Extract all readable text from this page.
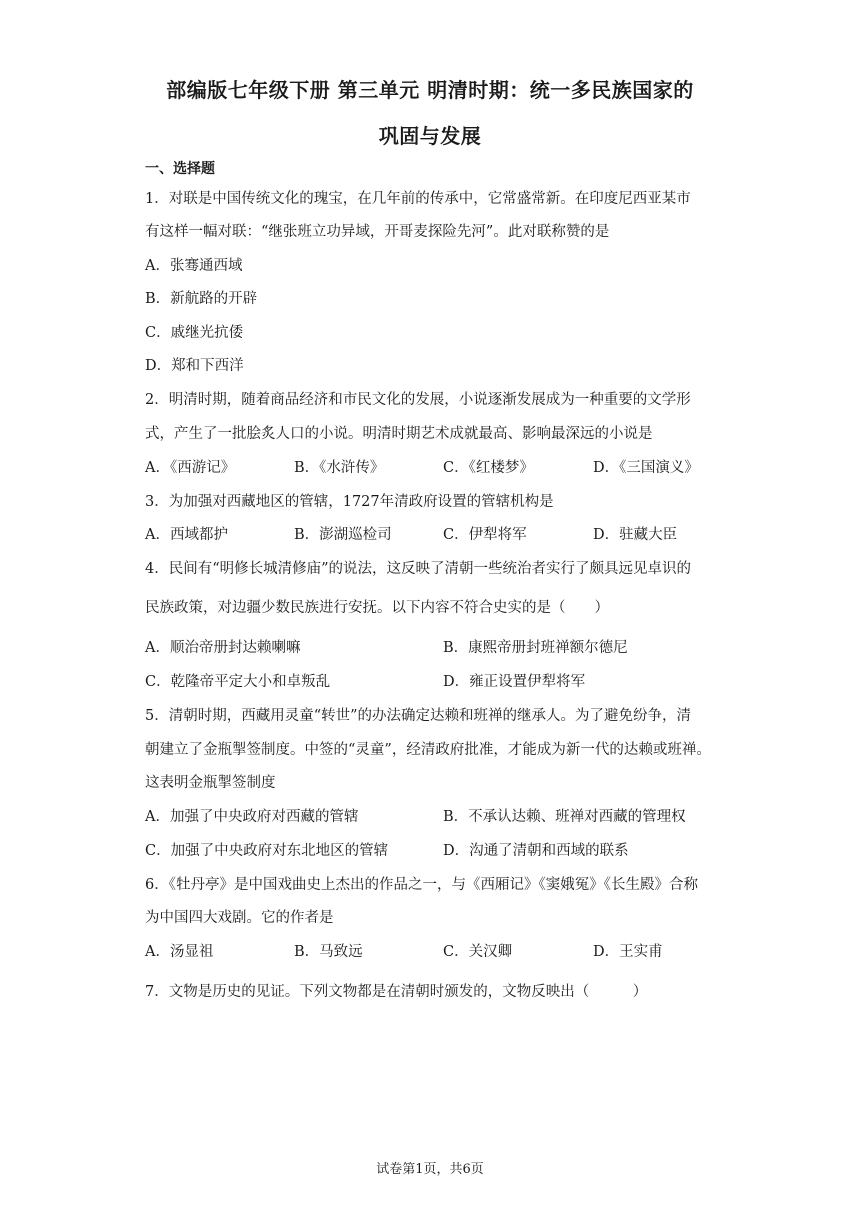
部编版七年级下册 第三单元 明清时期：统一多民族国家的
巩固与发展
一、选择题
1．对联是中国传统文化的瑰宝，在几年前的传承中，它常盛常新。在印度尼西亚某市
有这样一幅对联：“继张班立功异域，开哥麦探险先河”。此对联称赞的是
A．张骞通西域
B．新航路的开辟
C．戚继光抗倭
D．郑和下西洋
2．明清时期，随着商品经济和市民文化的发展，小说逐渐发展成为一种重要的文学形
式，产生了一批脍炙人口的小说。明清时期艺术成就最高、影响最深远的小说是
A．《西游记》	B．《水浒传》	C．《红楼梦》	D．《三国演义》
3．为加强对西藏地区的管辖，1727年清政府设置的管辖机构是
A．西域都护	B．澎湖巡检司	C．伊犁将军	D．驻藏大臣
4．民间有“明修长城清修庙”的说法，这反映了清朝一些统治者实行了颇具远见卓识的
民族政策，对边疆少数民族进行安抚。以下内容不符合史实的是（　　）
A．顺治帝册封达赖喇嘛	B．康熙帝册封班禅额尔德尼
C．乾隆帝平定大小和卓叛乱	D．雍正设置伊犁将军
5．清朝时期，西藏用灵童“转世”的办法确定达赖和班禅的继承人。为了避免纷争，清
朝建立了金瓶掣签制度。中签的“灵童”，经清政府批准，才能成为新一代的达赖或班禅。
这表明金瓶掣签制度
A．加强了中央政府对西藏的管辖	B．不承认达赖、班禅对西藏的管理权
C．加强了中央政府对东北地区的管辖	D．沟通了清朝和西域的联系
6．《牡丹亭》是中国戏曲史上杰出的作品之一，与《西厢记》《窦娥冤》《长生殿》合称
为中国四大戏剧。它的作者是
A．汤显祖	B．马致远	C．关汉卿	D．王实甫
7．文物是历史的见证。下列文物都是在清朝时颁发的，文物反映出（　　　）
试卷第1页，共6页
